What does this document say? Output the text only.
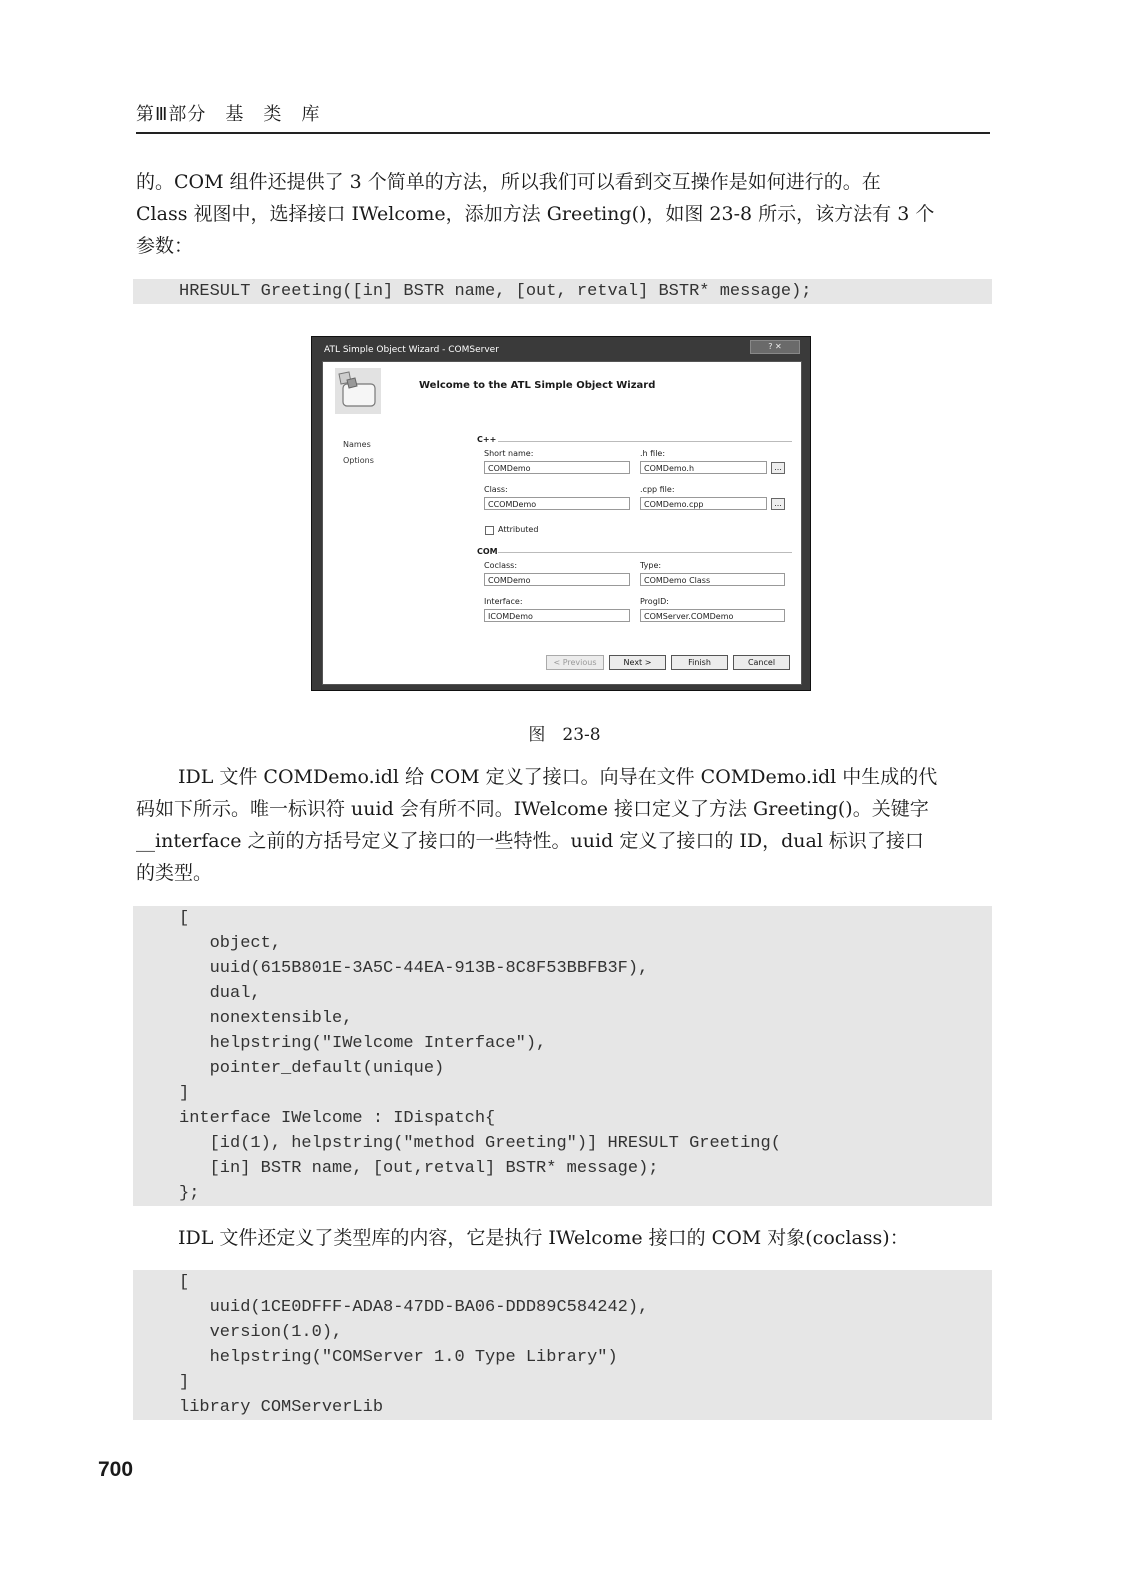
第Ⅲ部分　基　类　库
的。COM 组件还提供了 3 个简单的方法，所以我们可以看到交互操作是如何进行的。在
Class 视图中，选择接口 IWelcome，添加方法 Greeting()，如图 23-8 所示，该方法有 3 个
参数：
HRESULT Greeting([in] BSTR name, [out, retval] BSTR* message);
ATL Simple Object Wizard - COMServer	? ✕
Welcome to the ATL Simple Object Wizard
Names
Options
C++
Short name:
COMDemo
.h file:
COMDemo.h	...
Class:
CCOMDemo
.cpp file:
COMDemo.cpp	...
Attributed
COM
Coclass:
COMDemo
Type:
COMDemo Class
Interface:
ICOMDemo
ProgID:
COMServer.COMDemo
< Previous	Next >	Finish	Cancel
图　23-8
IDL 文件 COMDemo.idl 给 COM 定义了接口。向导在文件 COMDemo.idl 中生成的代
码如下所示。唯一标识符 uuid 会有所不同。IWelcome 接口定义了方法 Greeting()。关键字
__interface 之前的方括号定义了接口的一些特性。uuid 定义了接口的 ID，dual 标识了接口
的类型。
[
object,
uuid(615B801E-3A5C-44EA-913B-8C8F53BBFB3F),
dual,
nonextensible,
helpstring("IWelcome Interface"),
pointer_default(unique)
]
interface IWelcome : IDispatch{
[id(1), helpstring("method Greeting")] HRESULT Greeting(
[in] BSTR name, [out,retval] BSTR* message);
};
IDL 文件还定义了类型库的内容，它是执行 IWelcome 接口的 COM 对象(coclass)：
[
uuid(1CE0DFFF-ADA8-47DD-BA06-DDD89C584242),
version(1.0),
helpstring("COMServer 1.0 Type Library")
]
library COMServerLib
700
